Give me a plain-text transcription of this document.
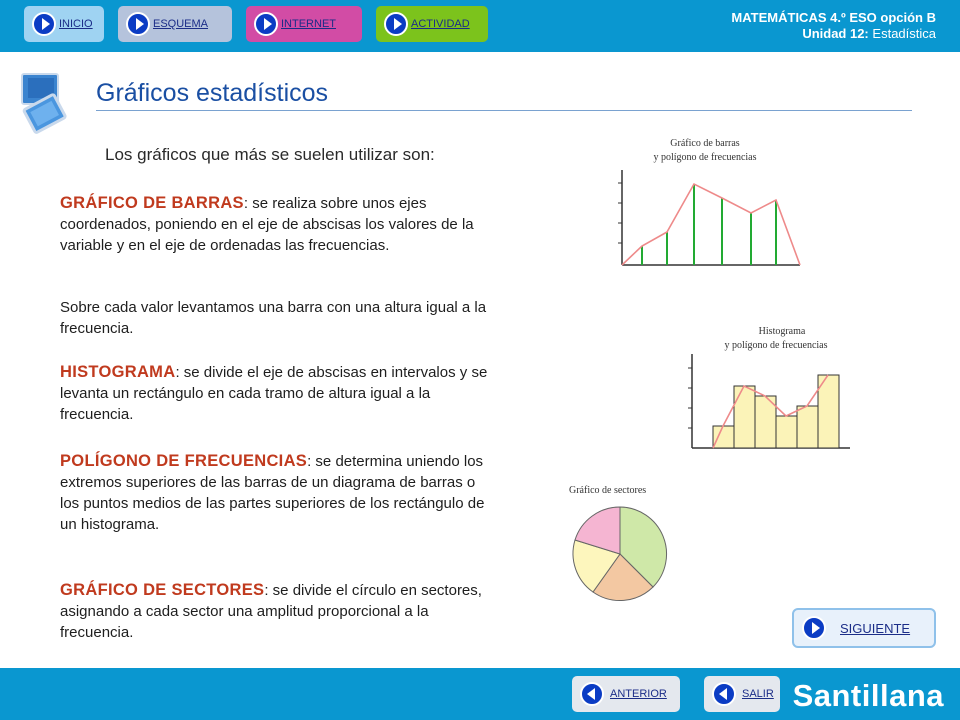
INICIO	ESQUEMA	INTERNET	ACTIVIDAD	MATEMÁTICAS 4.º ESO opción B
Unidad 12: Estadística
Gráficos estadísticos
Los gráficos que más se suelen utilizar son:
GRÁFICO DE BARRAS: se realiza sobre unos ejes coordenados, poniendo en el eje de abscisas los valores de la variable y en el eje de ordenadas las frecuencias.
Sobre cada valor levantamos una barra con una altura igual a la frecuencia.
HISTOGRAMA: se divide el eje de abscisas en intervalos y se levanta un rectángulo en cada tramo de altura igual a la frecuencia.
POLÍGONO DE FRECUENCIAS: se determina uniendo los extremos superiores de las barras de un diagrama de barras o los puntos medios de las partes superiores de los rectángulo de un histograma.
GRÁFICO DE SECTORES: se divide el círculo en sectores, asignando a cada sector una amplitud proporcional a la frecuencia.
Gráfico de barras
y polígono de frecuencias
Histograma
y polígono de frecuencias
Gráfico de sectores
SIGUIENTE
ANTERIOR	SALIR Santillana
